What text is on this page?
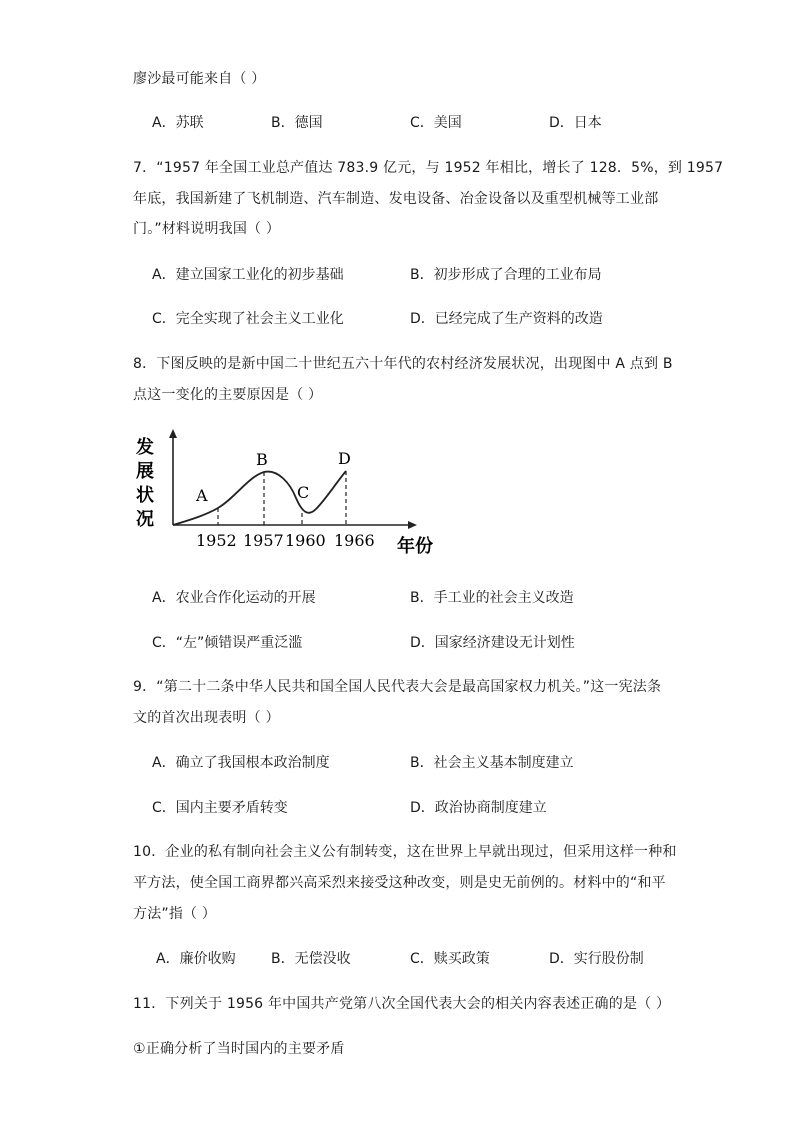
廖沙最可能来自（ ）
A．苏联	B．德国	C．美国	D．日本
7．“1957 年全国工业总产值达 783.9 亿元，与 1952 年相比，增长了 128．5%，到 1957
年底，我国新建了飞机制造、汽车制造、发电设备、冶金设备以及重型机械等工业部
门。”材料说明我国（ ）
A．建立国家工业化的初步基础	B．初步形成了合理的工业布局
C．完全实现了社会主义工业化	D．已经完成了生产资料的改造
8．下图反映的是新中国二十世纪五六十年代的农村经济发展状况，出现图中 A 点到 B
点这一变化的主要原因是（ ）
发
展
状
况
A
B
C
D
1952 1957 1960 1966 年份
A．农业合作化运动的开展	B．手工业的社会主义改造
C．“左”倾错误严重泛滥	D．国家经济建设无计划性
9．“第二十二条中华人民共和国全国人民代表大会是最高国家权力机关。”这一宪法条
文的首次出现表明（ ）
A．确立了我国根本政治制度	B．社会主义基本制度建立
C．国内主要矛盾转变	D．政治协商制度建立
10．企业的私有制向社会主义公有制转变，这在世界上早就出现过，但采用这样一种和
平方法，使全国工商界都兴高采烈来接受这种改变，则是史无前例的。材料中的“和平
方法”指（ ）
A．廉价收购	B．无偿没收	C．赎买政策	D．实行股份制
11．下列关于 1956 年中国共产党第八次全国代表大会的相关内容表述正确的是（ ）
①正确分析了当时国内的主要矛盾
